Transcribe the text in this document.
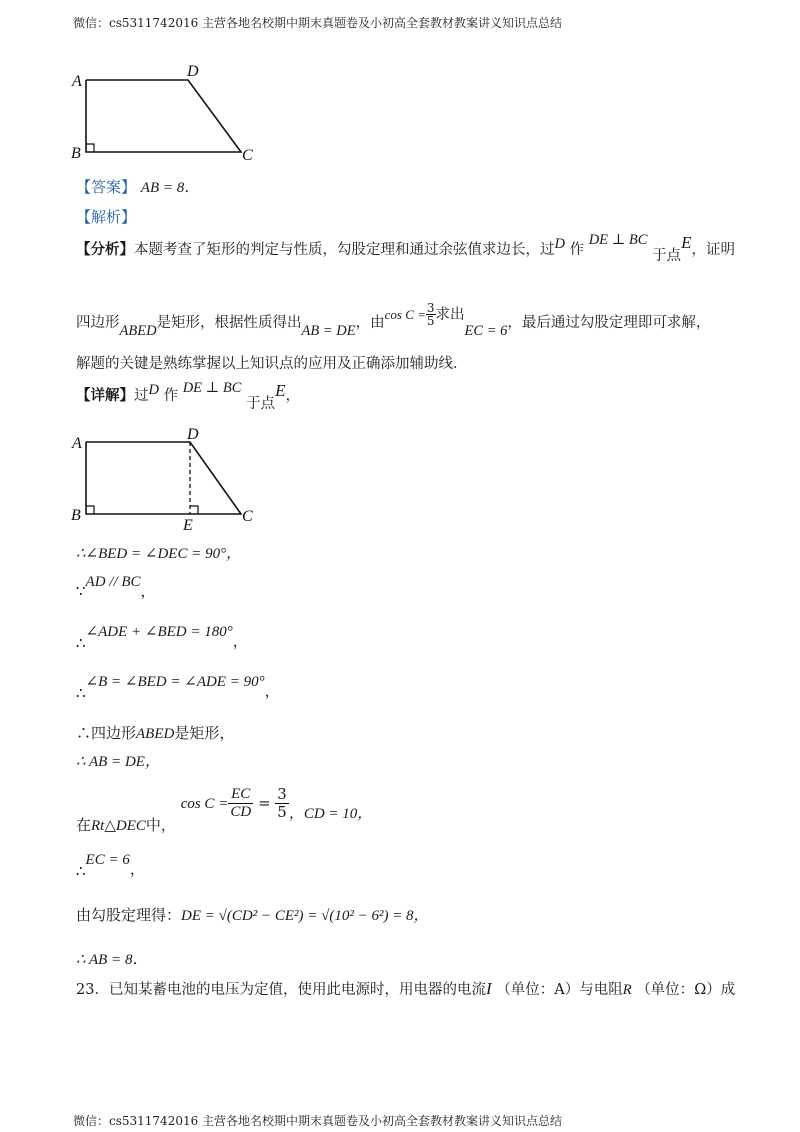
微信：cs5311742016 主营各地名校期中期末真题卷及小初高全套教材教案讲义知识点总结
A
D
B	C
【答案】 AB = 8．
【解析】
【分析】本题考查了矩形的判定与性质，勾股定理和通过余弦值求边长，过D 作 DE ⊥ BC 于点E，证明
四边形ABED是矩形，根据性质得出AB = DE，由$\cos C = \frac{3}{5}$ 求出EC = 6，最后通过勾股定理即可求解，
解题的关键是熟练掌握以上知识点的应用及正确添加辅助线．
【详解】过D 作 DE ⊥ BC 于点E，
A
D
B	C
E
∴∠BED = ∠DEC = 90°，
∵AD // BC，
∴∠ADE + ∠BED = 180°，
∴∠B = ∠BED = ∠ADE = 90°，
∴四边形ABED是矩形，
∴ AB = DE，
在Rt△DEC中， $\cos C = \frac{EC}{CD} = \frac{3}{5}$ ，CD = 10，
∴EC = 6，
由勾股定理得：DE = √(CD² − CE²) = √(10² − 6²) = 8，
∴ AB = 8．
23．已知某蓄电池的电压为定值，使用此电源时，用电器的电流I （单位：A）与电阻R （单位：Ω）成
微信：cs5311742016 主营各地名校期中期末真题卷及小初高全套教材教案讲义知识点总结
